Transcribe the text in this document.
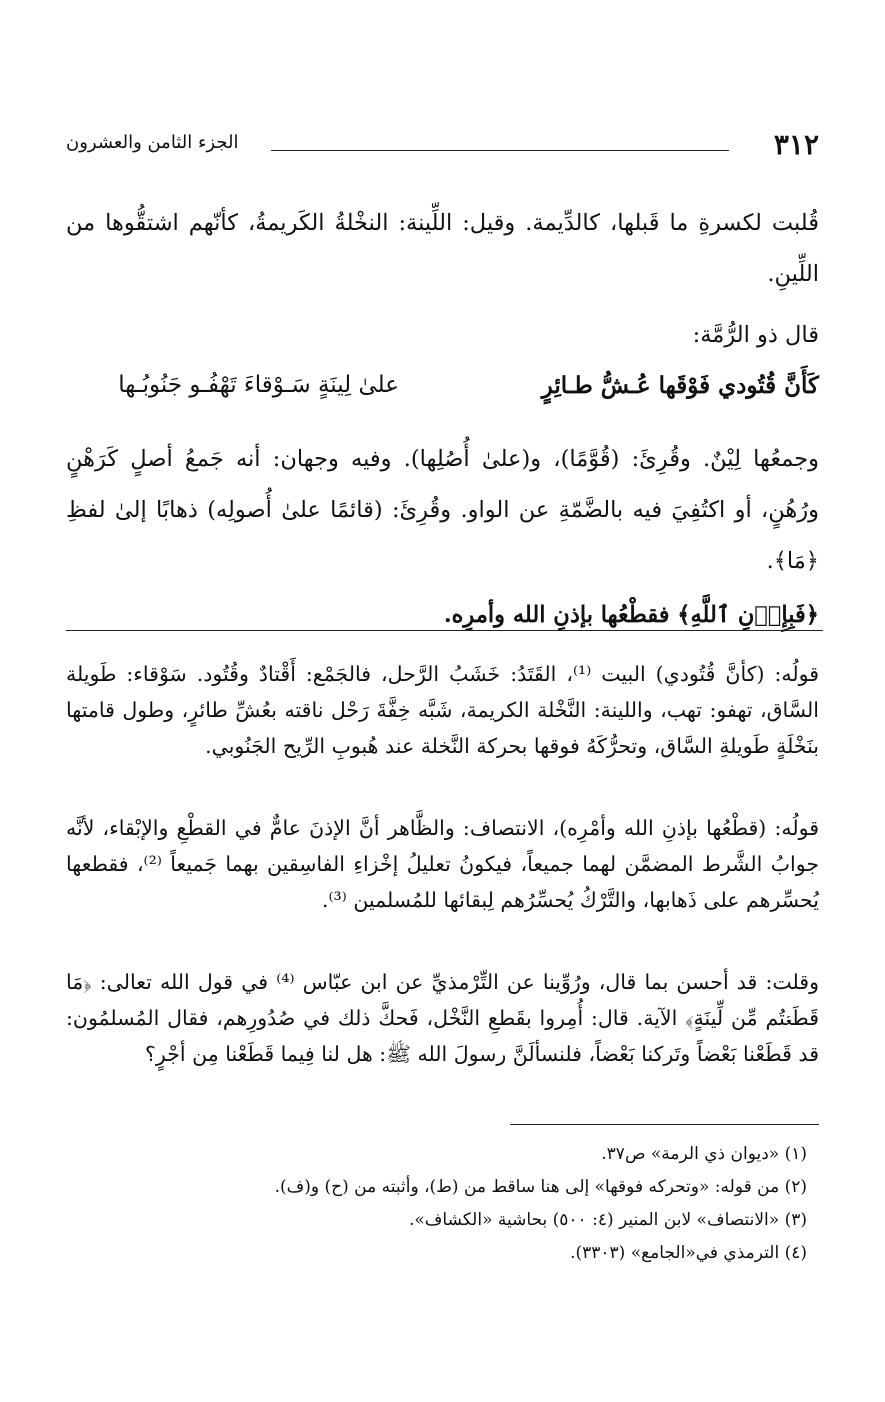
٣١٢
الجزء الثامن والعشرون

قُلبت لكسرةِ ما قَبلها، كالدِّيمة. وقيل: اللِّينة: النخْلةُ الكَريمةُ، كأنّهم اشتقُّوها من اللِّينِ.

قال ذو الرُّمَّة:

كَأَنَّ قُتُودي فَوْقَها عُـشُّ طـائِرٍ
علىٰ لِينَةٍ سَـوْقاءَ تَهْفُـو جَنُوبُـها

وجمعُها لِيْنٌ. وقُرِئَ: (قُوَّمًا)، و(علىٰ أُصُلِها). وفيه وجهان: أنه جَمعُ أصلٍ كَرَهْنٍ ورُهُنٍ، أو اكتُفِيَ فيه بالضَّمّةِ عن الواو. وقُرِئَ: (قائمًا علىٰ أُصولِه) ذهابًا إلىٰ لفظِ ﴿مَا﴾.

﴿فَبِإِذۡنِ ٱللَّهِ﴾ فقطْعُها بإذنِ الله وأمرِه.

قولُه: (كأنَّ قُتُودي) البيت ⁽¹⁾، القَتَدُ: خَشَبُ الرَّحل، فالجَمْع: أَقْتادٌ وقُتُود. سَوْقاء: طَويلة السَّاق، تهفو: تهب، واللينة: النَّخْلة الكريمة، شَبَّه خِفَّةَ رَحْل ناقته بعُشِّ طائرٍ، وطول قامتها بنَخْلَةٍ طَويلةِ السَّاق، وتحرُّكَهُ فوقها بحركة النَّخلة عند هُبوبِ الرِّيح الجَنُوبي.

قولُه: (قطْعُها بإذنِ الله وأمْرِه)، الانتصاف: والظَّاهر أنَّ الإذنَ عامٌّ في القطْعِ والإبْقاء، لأنَّه جوابُ الشَّرط المضمَّن لهما جميعاً، فيكونُ تعليلُ إخْزاءِ الفاسِقين بهما جَميعاً ⁽²⁾، فقطعها يُحسِّرهم على ذَهابها، والتَّرْكُ يُحسِّرُهم لِبقائها للمُسلمين ⁽³⁾.

وقلت: قد أحسن بما قال، ورُوِّينا عن التِّرْمذيِّ عن ابن عبّاس ⁽⁴⁾ في قول الله تعالى: ﴿مَا قَطَعۡتُم مِّن لِّينَةٍ﴾ الآية. قال: أُمِروا بقَطعِ النَّخْل، فَحكَّ ذلك في صُدُورِهم، فقال المُسلمُون: قد قَطَعْنا بَعْضاً وتَركنا بَعْضاً، فلنسألَنَّ رسولَ الله ﷺ: هل لنا فِيما قَطَعْنا مِن أجْرٍ؟

(١) «ديوان ذي الرمة» ص٣٧.
(٢) من قوله: «وتحركه فوقها» إلى هنا ساقط من (ط)، وأثبته من (ح) و(ف).
(٣) «الانتصاف» لابن المنير (٤: ٥٠٠) بحاشية «الكشاف».
(٤) الترمذي في«الجامع» (٣٣٠٣).
